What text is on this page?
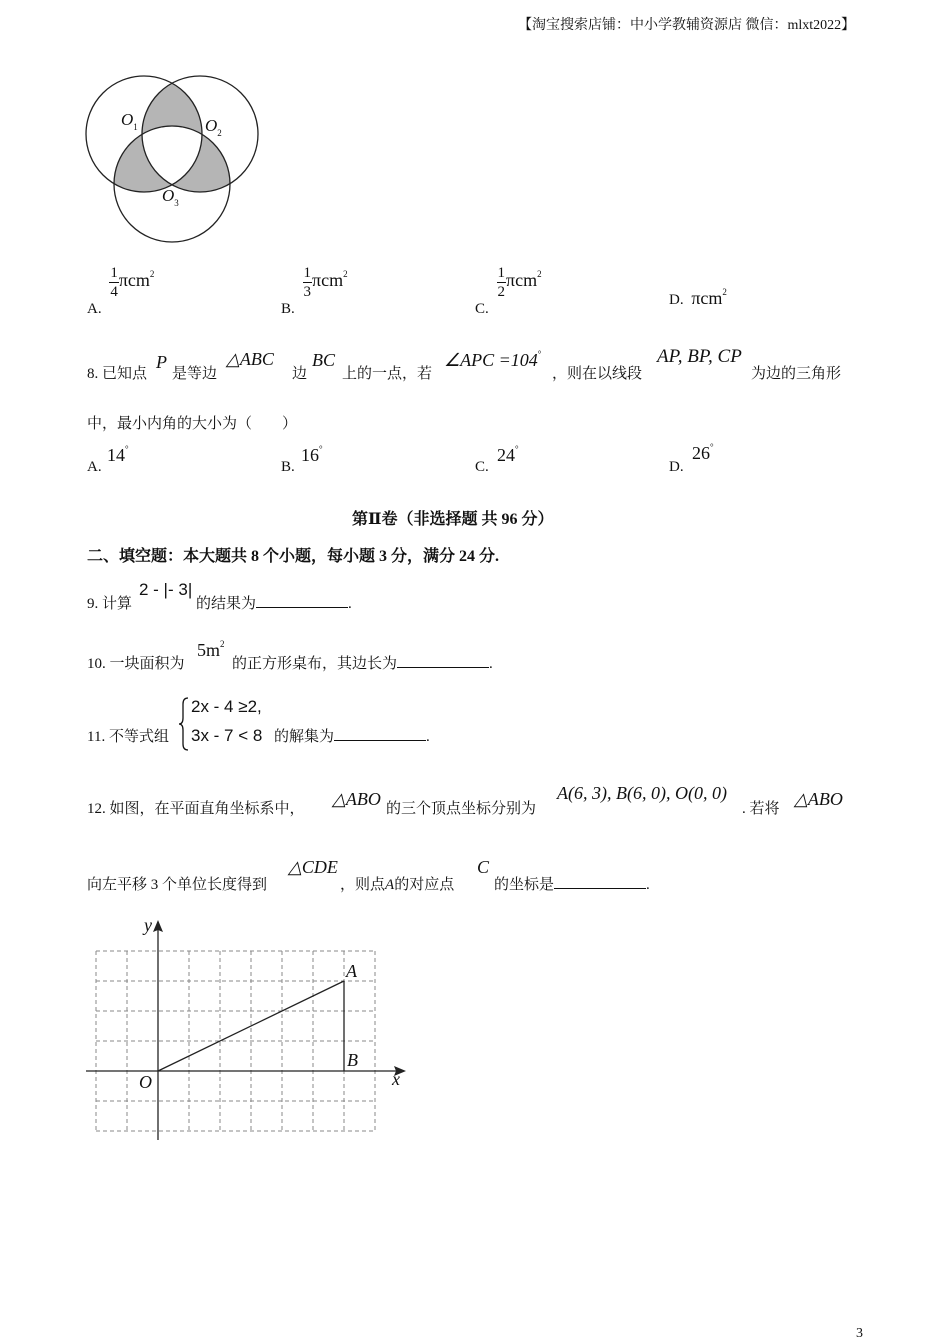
【淘宝搜索店铺：中小学教辅资源店 微信：mlxt2022】
$O_1$	$O_2$
$O_3$
A.
$\frac{1}{4} \pi cm^2$
B.
$\frac{1}{3} \pi cm^2$
C.
$\frac{1}{2} \pi cm^2$
D. πcm$^2$
8. 已知点
P
是等边
△ABC
边
BC
上的一点，若
∠APC =104°
，则在以线段
AP, BP, CP
为边的三角形
中，最小内角的大小为（　　）
A.
14°
B.
16°
C.
24°
D.
26°
第Ⅱ卷（非选择题 共 96 分）
二、填空题：本大题共 8 个小题，每小题 3 分，满分 24 分.
9. 计算
2 - |- 3|
的结果为	.
10. 一块面积为
$5m^2$
的正方形桌布，其边长为	.
11. 不等式组
2x - 4 ≥2,
3x - 7 < 8 的解集为	.
12. 如图，在平面直角坐标系中， △ABO 的三个顶点坐标分别为
A(6, 3), B(6, 0), O(0, 0)
. 若将 △ABO
向左平移 3 个单位长度得到
△CDE
，则点A的对应点
C
的坐标是	.
y
x
O
A
B
3
